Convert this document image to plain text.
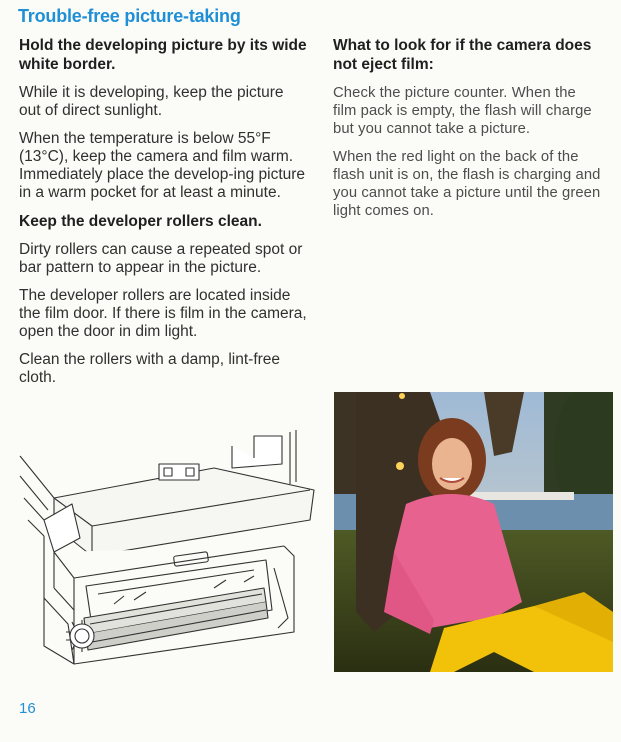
Trouble-free picture-taking
Hold the developing picture by its wide white border.

While it is developing, keep the picture out of direct sunlight.

When the temperature is below 55°F (13°C), keep the camera and film warm. Immediately place the develop-ing picture in a warm pocket for at least a minute.

Keep the developer rollers clean.

Dirty rollers can cause a repeated spot or bar pattern to appear in the picture.

The developer rollers are located inside the film door. If there is film in the camera, open the door in dim light.

Clean the rollers with a damp, lint-free cloth.

What to look for if the camera does not eject film:

Check the picture counter. When the film pack is empty, the flash will charge but you cannot take a picture.

When the red light on the back of the flash unit is on, the flash is charging and you cannot take a picture until the green light comes on.

16
